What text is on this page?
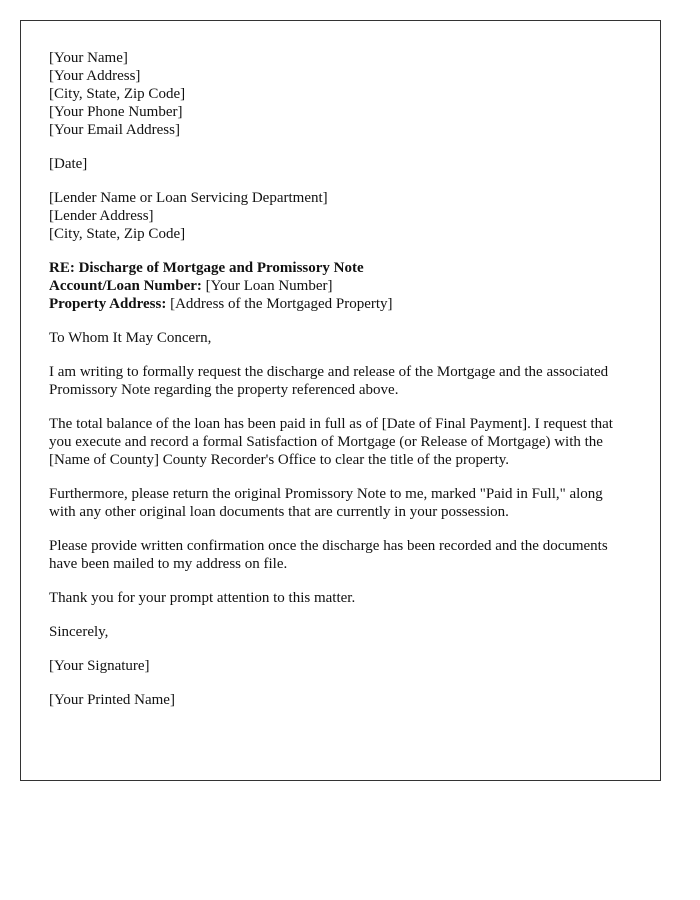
[Your Name]
[Your Address]
[City, State, Zip Code]
[Your Phone Number]
[Your Email Address]
[Date]
[Lender Name or Loan Servicing Department]
[Lender Address]
[City, State, Zip Code]
RE: Discharge of Mortgage and Promissory Note
Account/Loan Number: [Your Loan Number]
Property Address: [Address of the Mortgaged Property]
To Whom It May Concern,
I am writing to formally request the discharge and release of the Mortgage and the associated Promissory Note regarding the property referenced above.
The total balance of the loan has been paid in full as of [Date of Final Payment]. I request that you execute and record a formal Satisfaction of Mortgage (or Release of Mortgage) with the [Name of County] County Recorder's Office to clear the title of the property.
Furthermore, please return the original Promissory Note to me, marked "Paid in Full," along with any other original loan documents that are currently in your possession.
Please provide written confirmation once the discharge has been recorded and the documents have been mailed to my address on file.
Thank you for your prompt attention to this matter.
Sincerely,
[Your Signature]
[Your Printed Name]
